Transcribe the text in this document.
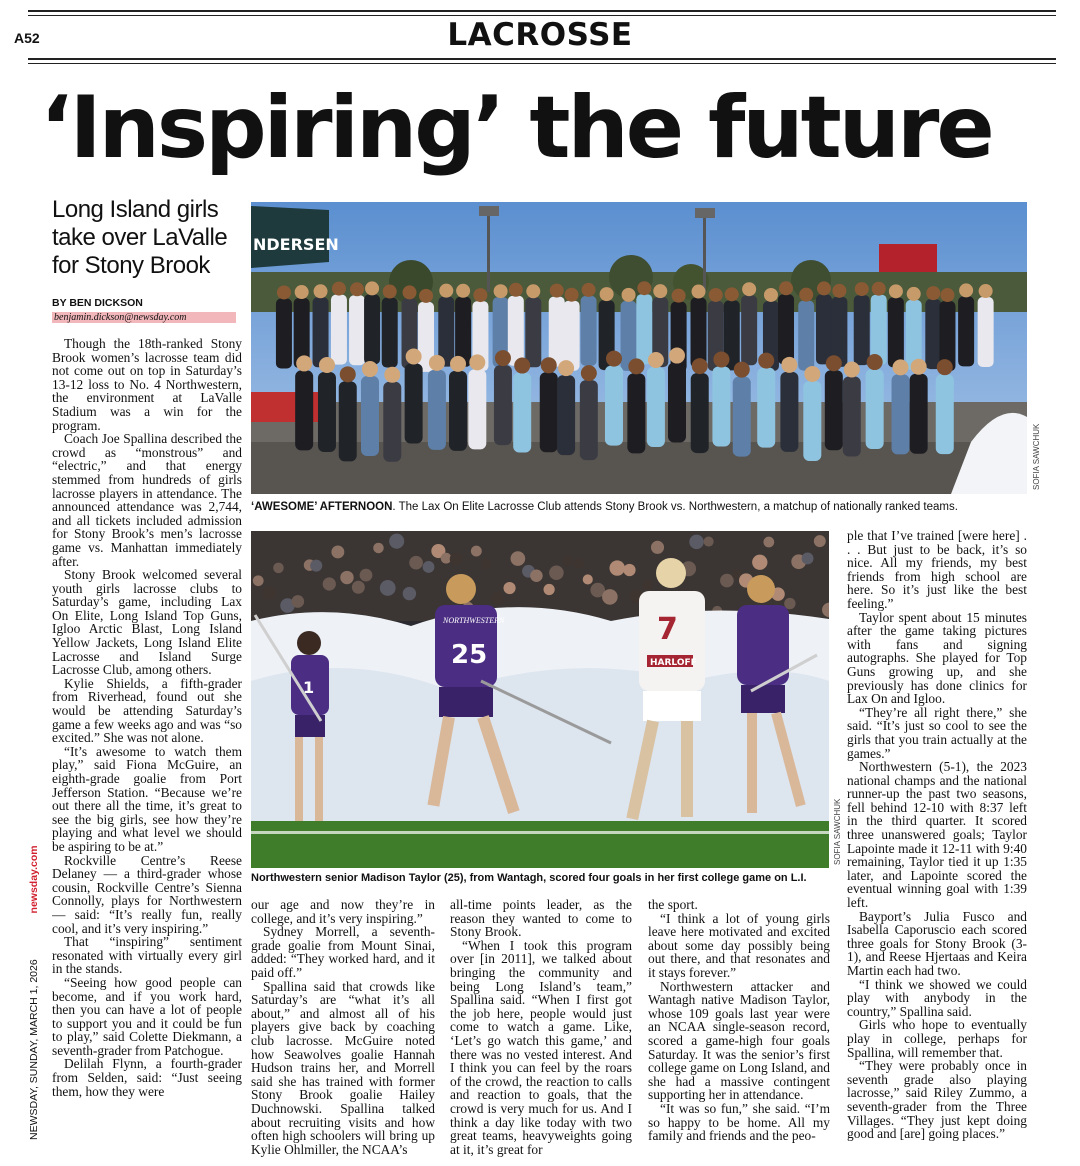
A52	LACROSSE
‘Inspiring’ the future
Long Island girls take over LaValle for Stony Brook
BY BEN DICKSON
benjamin.dickson@newsday.com

Though the 18th-ranked Stony Brook women’s lacrosse team did not come out on top in Saturday’s 13-12 loss to No. 4 Northwestern, the environment at LaValle Stadium was a win for the program.

Coach Joe Spallina described the crowd as “monstrous” and “electric,” and that energy stemmed from hundreds of girls lacrosse players in attendance. The announced attendance was 2,744, and all tickets included admission for Stony Brook’s men’s lacrosse game vs. Manhattan immediately after.

Stony Brook welcomed several youth girls lacrosse clubs to Saturday’s game, including Lax On Elite, Long Island Top Guns, Igloo Arctic Blast, Long Island Yellow Jackets, Long Island Elite Lacrosse and Island Surge Lacrosse Club, among others.

Kylie Shields, a fifth-grader from Riverhead, found out she would be attending Saturday’s game a few weeks ago and was “so excited.” She was not alone.

“It’s awesome to watch them play,” said Fiona McGuire, an eighth-grade goalie from Port Jefferson Station. “Because we’re out there all the time, it’s great to see the big girls, see how they’re playing and what level we should be aspiring to be at.”

Rockville Centre’s Reese Delaney — a third-grader whose cousin, Rockville Centre’s Sienna Connolly, plays for Northwestern — said: “It’s really fun, really cool, and it’s very inspiring.”

That “inspiring” sentiment resonated with virtually every girl in the stands.

“Seeing how good people can become, and if you work hard, then you can have a lot of people to support you and it could be fun to play,” said Colette Diekmann, a seventh-grader from Patchogue.

Delilah Flynn, a fourth-grader from Selden, said: “Just seeing them, how they were

NDERSEN
SOFIA SAWCHUK
‘AWESOME’ AFTERNOON. The Lax On Elite Lacrosse Club attends Stony Brook vs. Northwestern, a matchup of nationally ranked teams.
1
NORTHWESTERN
25
7
HARLOFF
SOFIA SAWCHUK
Northwestern senior Madison Taylor (25), from Wantagh, scored four goals in her first college game on L.I.

our age and now they’re in college, and it’s very inspiring.”

Sydney Morrell, a seventh-grade goalie from Mount Sinai, added: “They worked hard, and it paid off.”

Spallina said that crowds like Saturday’s are “what it’s all about,” and almost all of his players give back by coaching club lacrosse. McGuire noted how Seawolves goalie Hannah Hudson trains her, and Morrell said she has trained with former Stony Brook goalie Hailey Duchnowski. Spallina talked about recruiting visits and how often high schoolers will bring up Kylie Ohlmiller, the NCAA’s

all-time points leader, as the reason they wanted to come to Stony Brook.

“When I took this program over [in 2011], we talked about bringing the community and being Long Island’s team,” Spallina said. “When I first got the job here, people would just come to watch a game. Like, ‘Let’s go watch this game,’ and there was no vested interest. And I think you can feel by the roars of the crowd, the reaction to calls and reaction to goals, that the crowd is very much for us. And I think a day like today with two great teams, heavyweights going at it, it’s great for

the sport.

“I think a lot of young girls leave here motivated and excited about some day possibly being out there, and that resonates and it stays forever.”

Northwestern attacker and Wantagh native Madison Taylor, whose 109 goals last year were an NCAA single-season record, scored a game-high four goals Saturday. It was the senior’s first college game on Long Island, and she had a massive contingent supporting her in attendance.

“It was so fun,” she said. “I’m so happy to be home. All my family and friends and the peo-

ple that I’ve trained [were here] . . . But just to be back, it’s so nice. All my friends, my best friends from high school are here. So it’s just like the best feeling.”

Taylor spent about 15 minutes after the game taking pictures with fans and signing autographs. She played for Top Guns growing up, and she previously has done clinics for Lax On and Igloo.

“They’re all right there,” she said. “It’s just so cool to see the girls that you train actually at the games.”

Northwestern (5-1), the 2023 national champs and the national runner-up the past two seasons, fell behind 12-10 with 8:37 left in the third quarter. It scored three unanswered goals; Taylor Lapointe made it 12-11 with 9:40 remaining, Taylor tied it up 1:35 later, and Lapointe scored the eventual winning goal with 1:39 left.

Bayport’s Julia Fusco and Isabella Caporuscio each scored three goals for Stony Brook (3-1), and Reese Hjertaas and Keira Martin each had two.

“I think we showed we could play with anybody in the country,” Spallina said.

Girls who hope to eventually play in college, perhaps for Spallina, will remember that.

“They were probably once in seventh grade also playing lacrosse,” said Riley Zummo, a seventh-grader from the Three Villages. “They just kept doing good and [are] going places.”

NEWSDAY, SUNDAY, MARCH 1, 2026  newsday.com
